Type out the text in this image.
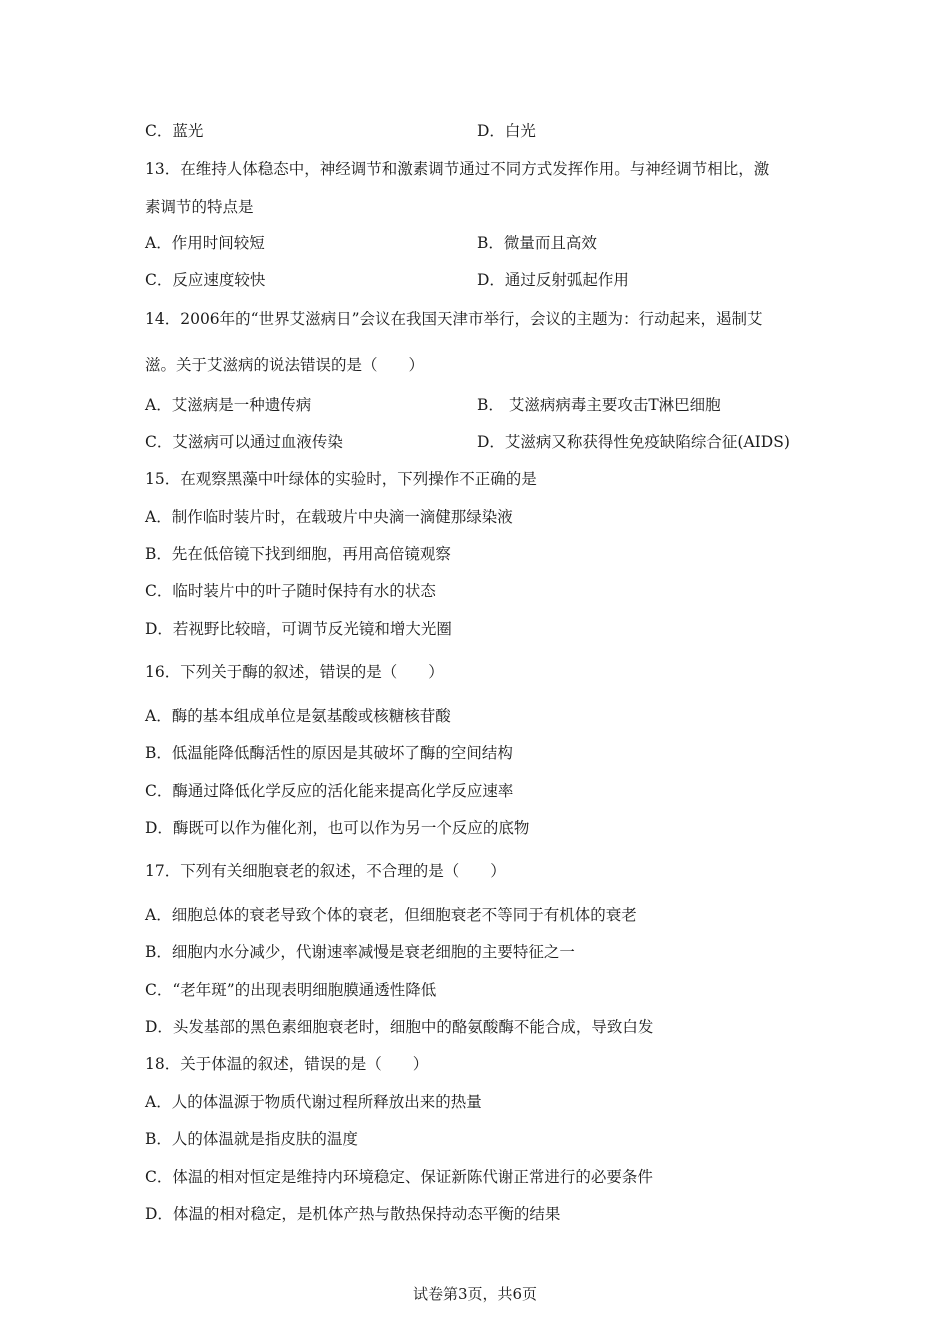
C．蓝光	D．白光
13．在维持人体稳态中，神经调节和激素调节通过不同方式发挥作用。与神经调节相比，激
素调节的特点是
A．作用时间较短	B．微量而且高效
C．反应速度较快	D．通过反射弧起作用
14．2006年的“世界艾滋病日”会议在我国天津市举行，会议的主题为：行动起来，遏制艾
滋。关于艾滋病的说法错误的是（　　）
A．艾滋病是一种遗传病	B． 艾滋病病毒主要攻击T淋巴细胞
C．艾滋病可以通过血液传染	D．艾滋病又称获得性免疫缺陷综合征(AIDS)
15．在观察黑藻中叶绿体的实验时，下列操作不正确的是
A．制作临时装片时，在载玻片中央滴一滴健那绿染液
B．先在低倍镜下找到细胞，再用高倍镜观察
C．临时装片中的叶子随时保持有水的状态
D．若视野比较暗，可调节反光镜和增大光圈
16．下列关于酶的叙述，错误的是（　　）
A．酶的基本组成单位是氨基酸或核糖核苷酸
B．低温能降低酶活性的原因是其破坏了酶的空间结构
C．酶通过降低化学反应的活化能来提高化学反应速率
D．酶既可以作为催化剂，也可以作为另一个反应的底物
17．下列有关细胞衰老的叙述，不合理的是（　　）
A．细胞总体的衰老导致个体的衰老，但细胞衰老不等同于有机体的衰老
B．细胞内水分减少，代谢速率减慢是衰老细胞的主要特征之一
C．“老年斑”的出现表明细胞膜通透性降低
D．头发基部的黑色素细胞衰老时，细胞中的酪氨酸酶不能合成，导致白发
18．关于体温的叙述，错误的是（　　）
A．人的体温源于物质代谢过程所释放出来的热量
B．人的体温就是指皮肤的温度
C．体温的相对恒定是维持内环境稳定、保证新陈代谢正常进行的必要条件
D．体温的相对稳定，是机体产热与散热保持动态平衡的结果
试卷第3页，共6页
